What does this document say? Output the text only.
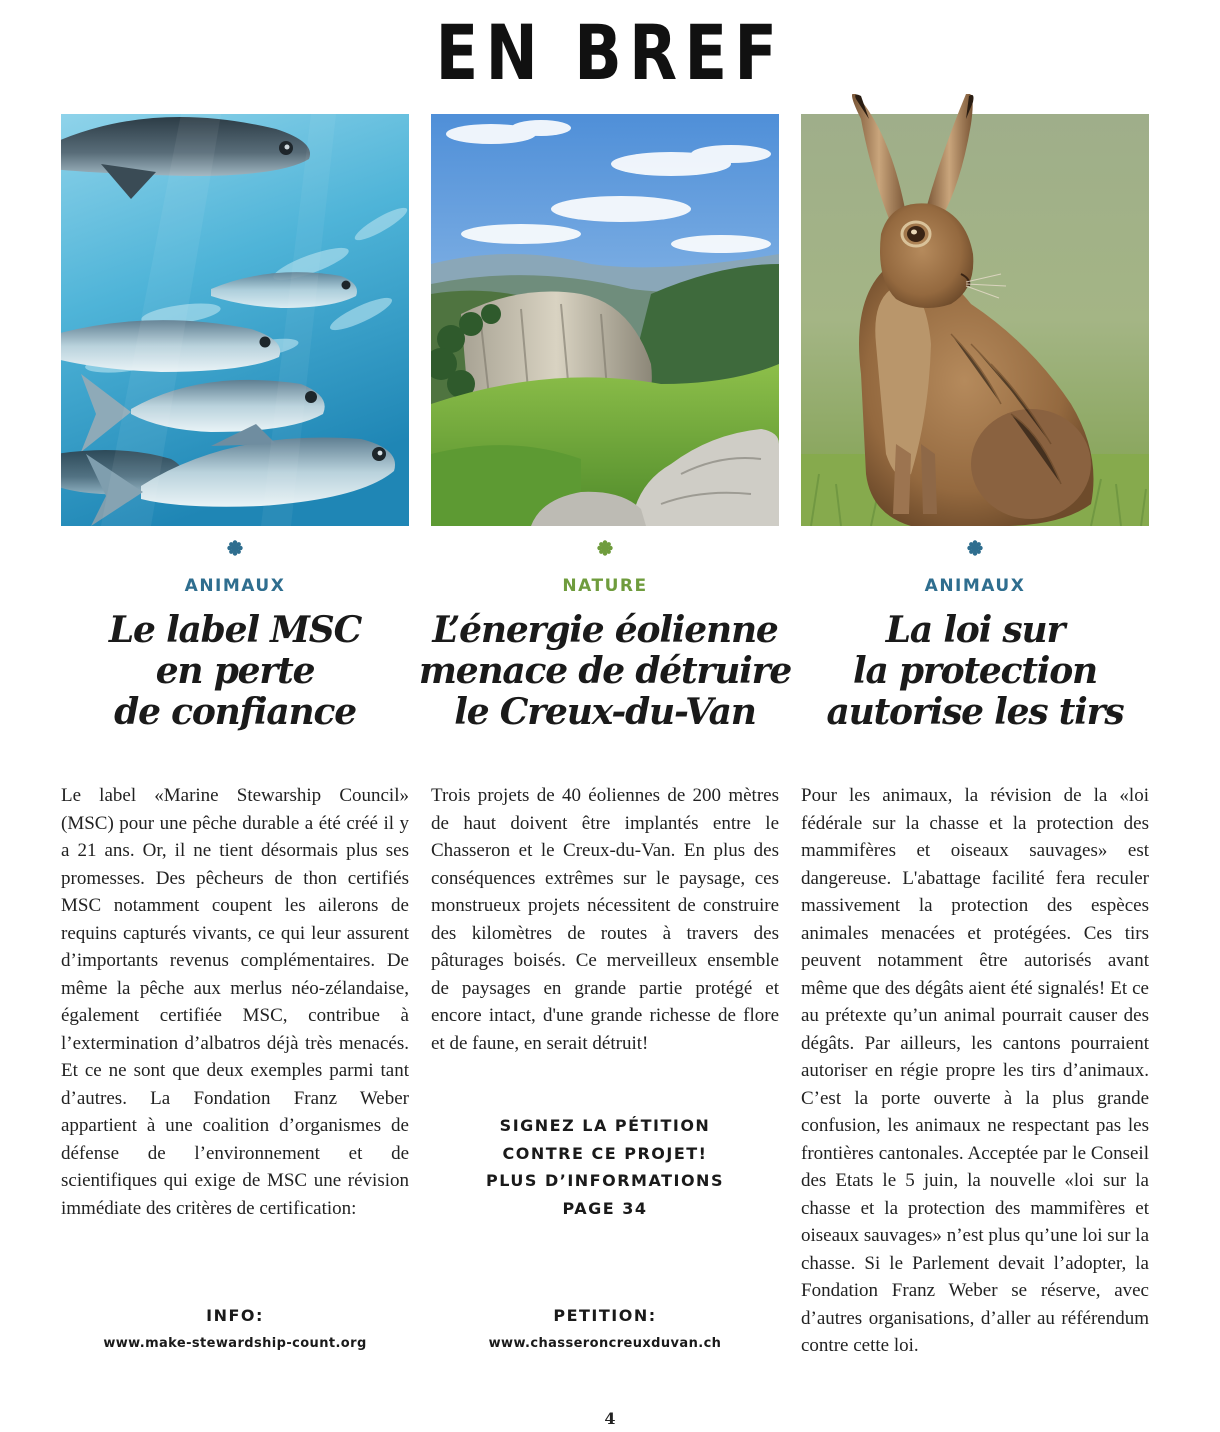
EN BREF
ANIMAUX
Le label MSC
en perte
de confiance

Le label «Marine Stewarship Council» (MSC) pour une pêche durable a été créé il y a 21 ans. Or, il ne tient désormais plus ses promesses. Des pêcheurs de thon certifiés MSC notamment coupent les ailerons de requins capturés vivants, ce qui leur assurent d’importants revenus complémentaires. De même la pêche aux merlus néo-zélandaise, également certifiée MSC, contribue à l’extermination d’albatros déjà très menacés. Et ce ne sont que deux exemples parmi tant d’autres. La Fondation Franz Weber appartient à une coalition d’organismes de défense de l’environnement et de scientifiques qui exige de MSC une révision immédiate des critères de certification:

INFO:
www.make-stewardship-count.org
NATURE
L’énergie éolienne
menace de détruire
le Creux-du-Van

Trois projets de 40 éoliennes de 200 mètres de haut doivent être implantés entre le Chasseron et le Creux-du-Van. En plus des conséquences extrêmes sur le paysage, ces monstrueux projets nécessitent de construire des kilomètres de routes à travers des pâturages boisés. Ce merveilleux ensemble de paysages en grande partie protégé et encore intact, d'une grande richesse de flore et de faune, en serait détruit!

SIGNEZ LA PÉTITION
CONTRE CE PROJET!
PLUS D’INFORMATIONS
PAGE 34
PETITION:
www.chasseroncreuxduvan.ch
ANIMAUX
La loi sur
la protection
autorise les tirs

Pour les animaux, la révision de la «loi fédérale sur la chasse et la protection des mammifères et oiseaux sauvages» est dangereuse. L'abattage facilité fera reculer massivement la protection des espèces animales menacées et protégées. Ces tirs peuvent notamment être autorisés avant même que des dégâts aient été signalés! Et ce au prétexte qu’un animal pourrait causer des dégâts. Par ailleurs, les cantons pourraient autoriser en régie propre les tirs d’animaux. C’est la porte ouverte à la plus grande confusion, les animaux ne respectant pas les frontières cantonales. Acceptée par le Conseil des Etats le 5 juin, la nouvelle «loi sur la chasse et la protection des mammifères et oiseaux sauvages» n’est plus qu’une loi sur la chasse. Si le Parlement devait l’adopter, la Fondation Franz Weber se réserve, avec d’autres organisations, d’aller au référendum contre cette loi.

4
